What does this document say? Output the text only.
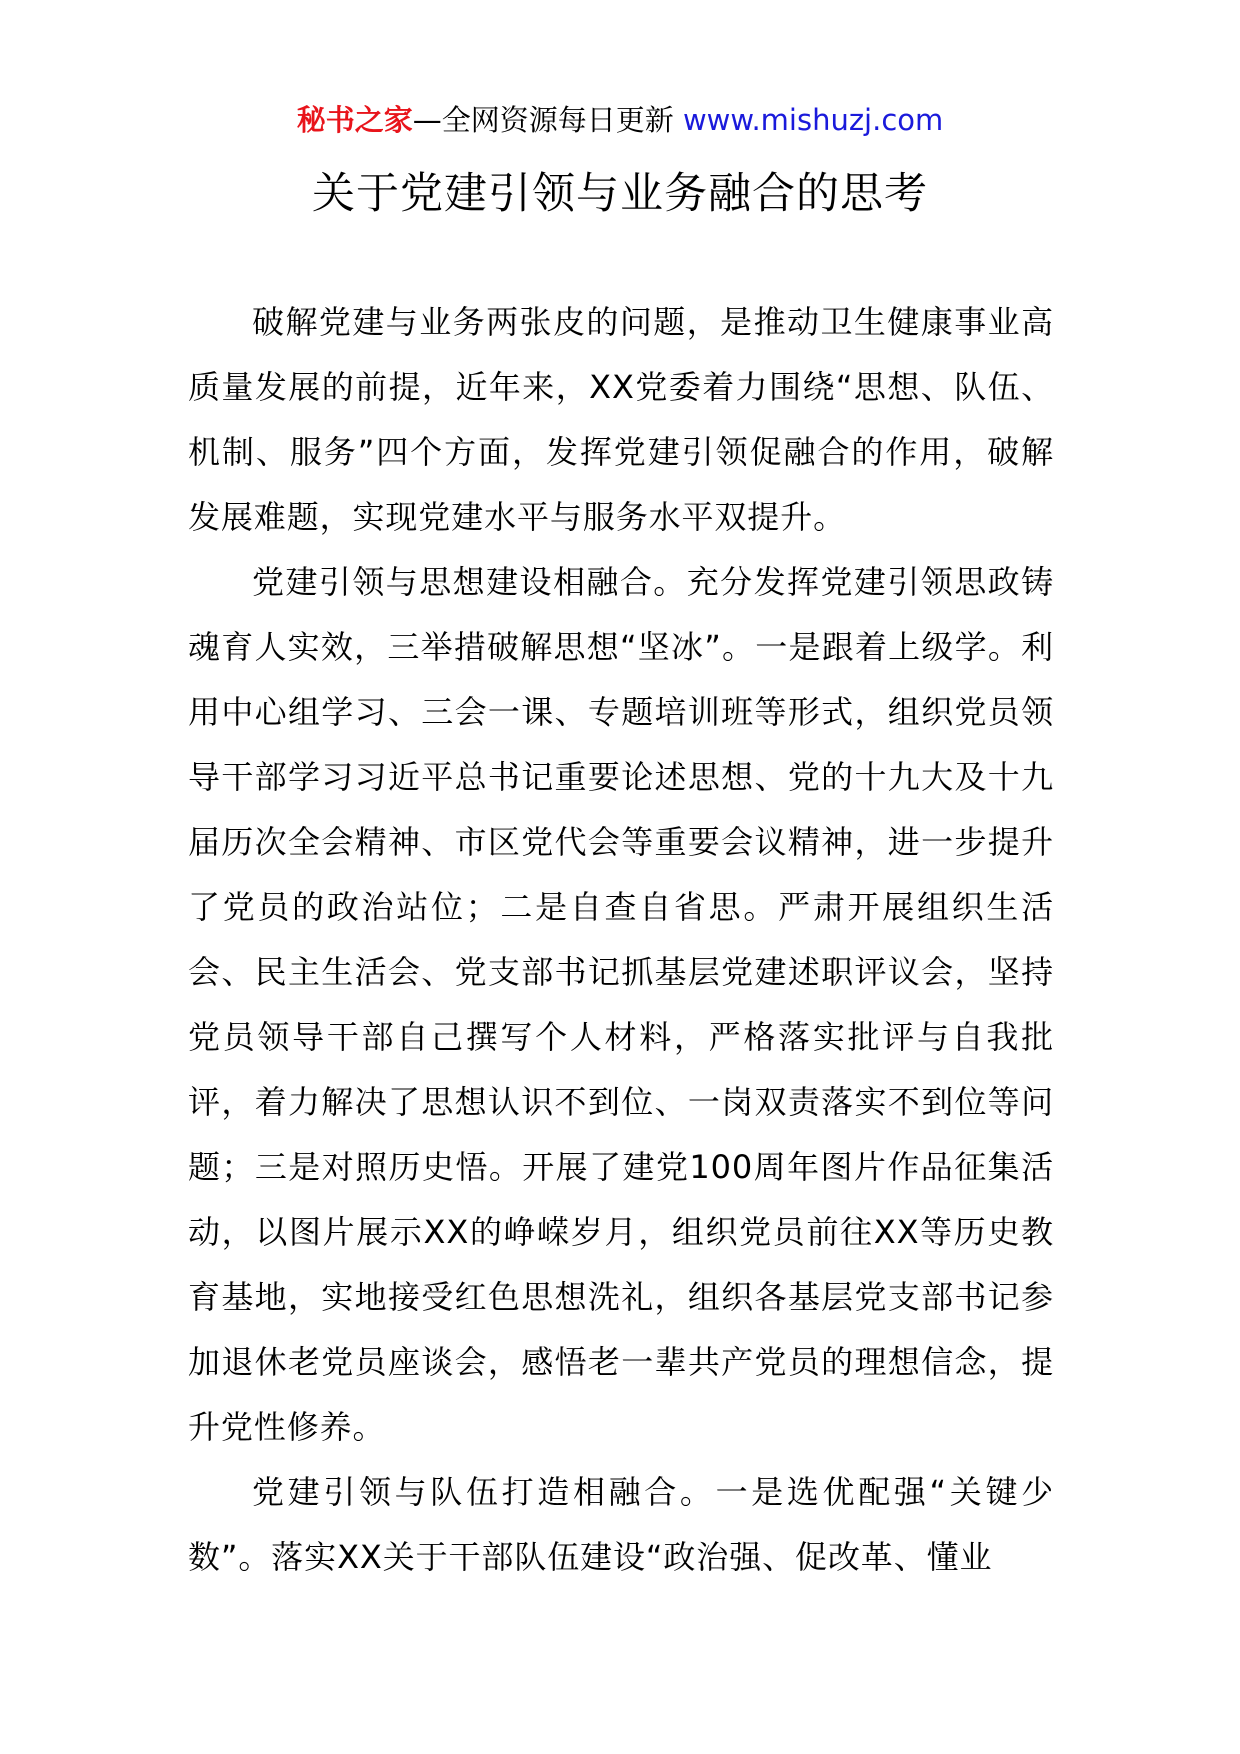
秘书之家—全网资源每日更新 www.mishuzj.com
关于党建引领与业务融合的思考

破解党建与业务两张皮的问题，是推动卫生健康事业高质量发展的前提，近年来，XX党委着力围绕“思想、队伍、机制、服务”四个方面，发挥党建引领促融合的作用，破解发展难题，实现党建水平与服务水平双提升。

党建引领与思想建设相融合。充分发挥党建引领思政铸魂育人实效，三举措破解思想“坚冰”。一是跟着上级学。利用中心组学习、三会一课、专题培训班等形式，组织党员领导干部学习习近平总书记重要论述思想、党的十九大及十九届历次全会精神、市区党代会等重要会议精神，进一步提升了党员的政治站位；二是自查自省思。严肃开展组织生活会、民主生活会、党支部书记抓基层党建述职评议会，坚持党员领导干部自己撰写个人材料，严格落实批评与自我批评，着力解决了思想认识不到位、一岗双责落实不到位等问题；三是对照历史悟。开展了建党100周年图片作品征集活动，以图片展示XX的峥嵘岁月，组织党员前往XX等历史教育基地，实地接受红色思想洗礼，组织各基层党支部书记参加退休老党员座谈会，感悟老一辈共产党员的理想信念，提升党性修养。

党建引领与队伍打造相融合。一是选优配强“关键少数”。落实XX关于干部队伍建设“政治强、促改革、懂业
